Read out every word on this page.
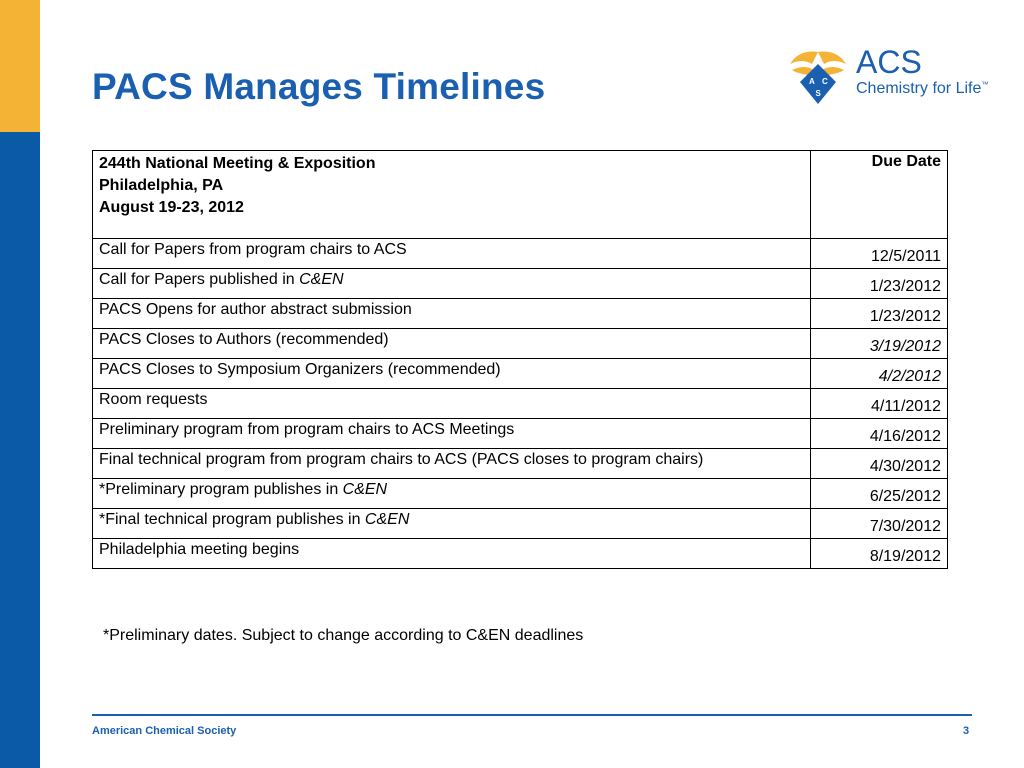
PACS Manages Timelines	A C
S
ACS
Chemistry for Life™
244th National Meeting & Exposition
Philadelphia, PA
August 19-23, 2012	Due Date
Call for Papers from program chairs to ACS	12/5/2011
Call for Papers published in C&EN	1/23/2012
PACS Opens for author abstract submission	1/23/2012
PACS Closes to Authors (recommended)	3/19/2012
PACS Closes to Symposium Organizers (recommended)	4/2/2012
Room requests	4/11/2012
Preliminary program from program chairs to ACS Meetings	4/16/2012
Final technical program from program chairs to ACS (PACS closes to program chairs)	4/30/2012
*Preliminary program publishes in C&EN	6/25/2012
*Final technical program publishes in C&EN	7/30/2012
Philadelphia meeting begins	8/19/2012
*Preliminary dates. Subject to change according to C&EN deadlines
American Chemical Society	3
